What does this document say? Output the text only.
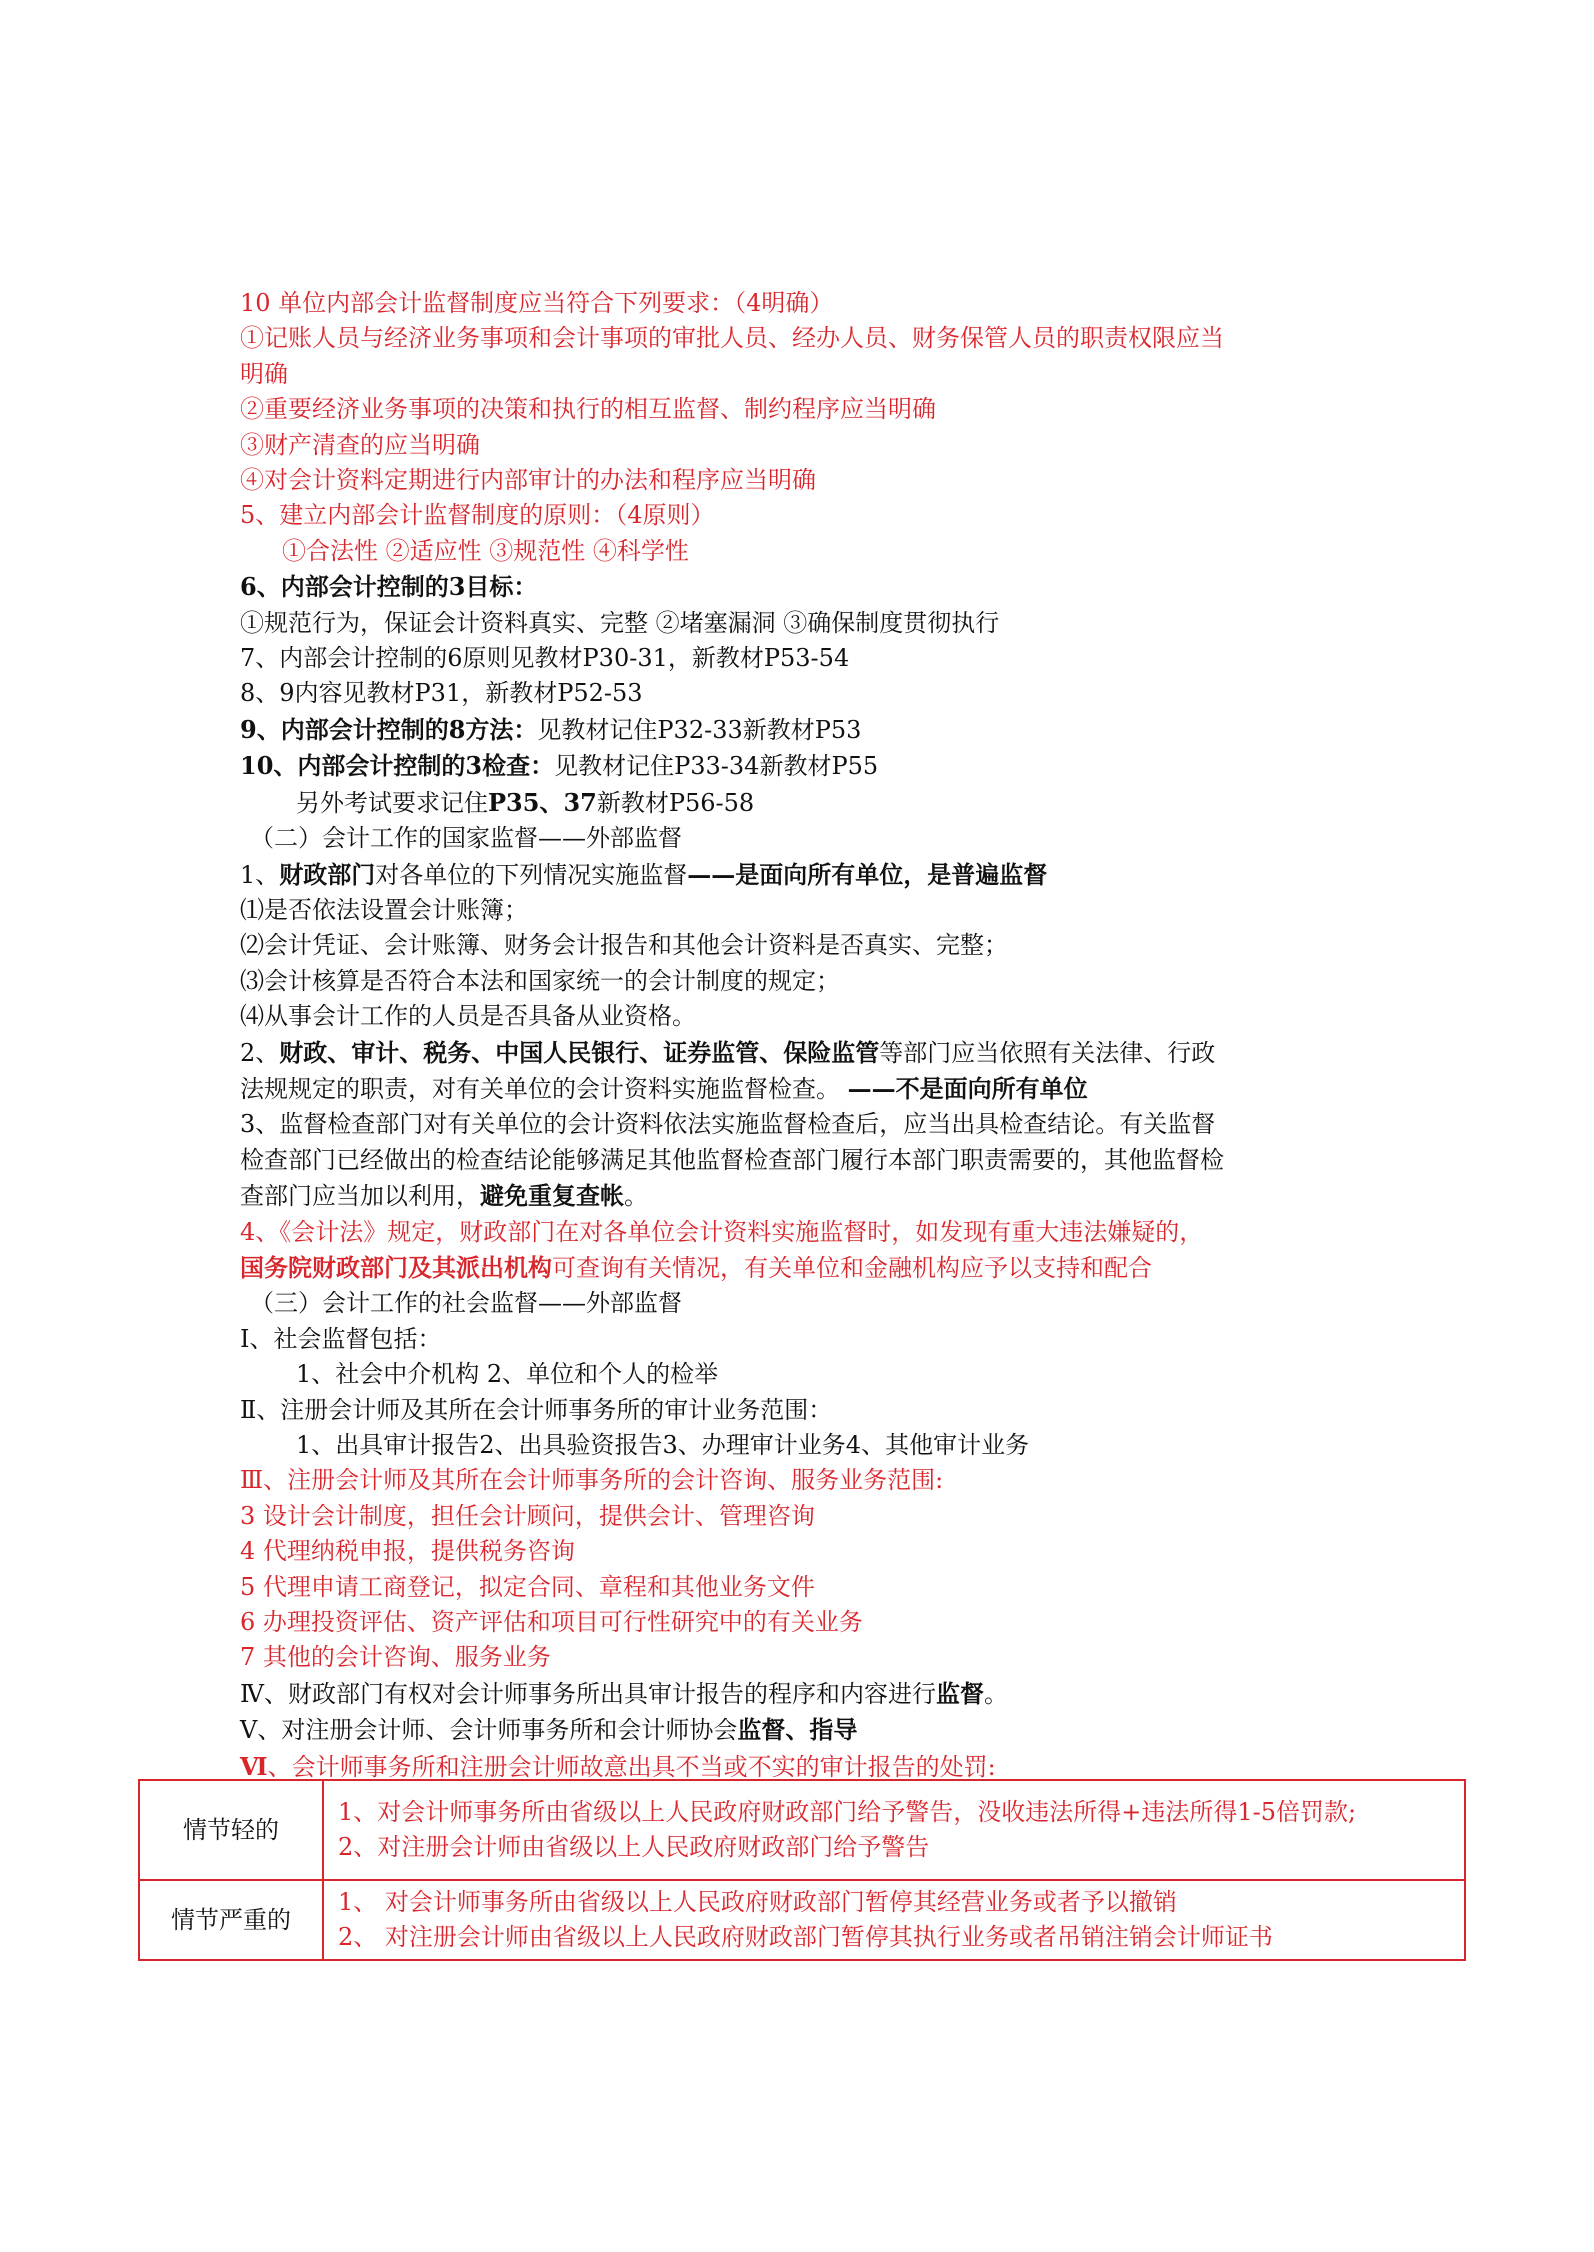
10 单位内部会计监督制度应当符合下列要求：（4明确）
①记账人员与经济业务事项和会计事项的审批人员、经办人员、财务保管人员的职责权限应当
明确
②重要经济业务事项的决策和执行的相互监督、制约程序应当明确
③财产清查的应当明确
④对会计资料定期进行内部审计的办法和程序应当明确
5、建立内部会计监督制度的原则：（4原则）
①合法性 ②适应性 ③规范性 ④科学性
6、内部会计控制的3目标：
①规范行为，保证会计资料真实、完整 ②堵塞漏洞 ③确保制度贯彻执行
7、内部会计控制的6原则见教材P30-31，新教材P53-54
8、9内容见教材P31，新教材P52-53
9、内部会计控制的8方法：见教材记住P32-33新教材P53
10、内部会计控制的3检查：见教材记住P33-34新教材P55
另外考试要求记住P35、37新教材P56-58
（二）会计工作的国家监督——外部监督
1、财政部门对各单位的下列情况实施监督——是面向所有单位，是普遍监督
⑴是否依法设置会计账簿；
⑵会计凭证、会计账簿、财务会计报告和其他会计资料是否真实、完整；
⑶会计核算是否符合本法和国家统一的会计制度的规定；
⑷从事会计工作的人员是否具备从业资格。
2、财政、审计、税务、中国人民银行、证券监管、保险监管等部门应当依照有关法律、行政
法规规定的职责，对有关单位的会计资料实施监督检查。 ——不是面向所有单位
3、监督检查部门对有关单位的会计资料依法实施监督检查后，应当出具检查结论。有关监督
检查部门已经做出的检查结论能够满足其他监督检查部门履行本部门职责需要的，其他监督检
查部门应当加以利用，避免重复查帐。
4、《会计法》规定，财政部门在对各单位会计资料实施监督时，如发现有重大违法嫌疑的，
国务院财政部门及其派出机构可查询有关情况，有关单位和金融机构应予以支持和配合
（三）会计工作的社会监督——外部监督
Ⅰ、社会监督包括：
1、社会中介机构 2、单位和个人的检举
Ⅱ、注册会计师及其所在会计师事务所的审计业务范围：
1、出具审计报告2、出具验资报告3、办理审计业务4、其他审计业务
Ⅲ、注册会计师及其所在会计师事务所的会计咨询、服务业务范围:
3 设计会计制度，担任会计顾问，提供会计、管理咨询
4 代理纳税申报，提供税务咨询
5 代理申请工商登记，拟定合同、章程和其他业务文件
6 办理投资评估、资产评估和项目可行性研究中的有关业务
7 其他的会计咨询、服务业务
Ⅳ、财政部门有权对会计师事务所出具审计报告的程序和内容进行监督。
Ⅴ、对注册会计师、会计师事务所和会计师协会监督、指导
Ⅵ、会计师事务所和注册会计师故意出具不当或不实的审计报告的处罚:
情节轻的	1、对会计师事务所由省级以上人民政府财政部门给予警告，没收违法所得+违法所得1-5倍罚款;
2、对注册会计师由省级以上人民政府财政部门给予警告

情节严重的	1、 对会计师事务所由省级以上人民政府财政部门暂停其经营业务或者予以撤销
2、 对注册会计师由省级以上人民政府财政部门暂停其执行业务或者吊销注销会计师证书
